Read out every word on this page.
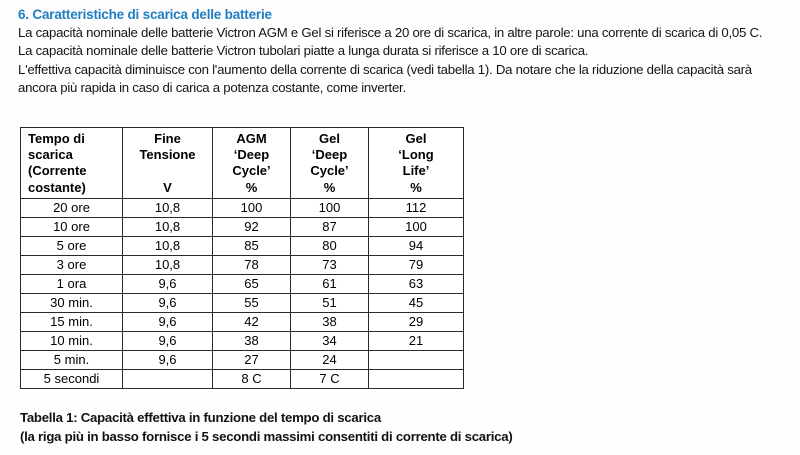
6. Caratteristiche di scarica delle batterie

La capacità nominale delle batterie Victron AGM e Gel si riferisce a 20 ore di scarica, in altre parole: una corrente di scarica di 0,05 C.

La capacità nominale delle batterie Victron tubolari piatte a lunga durata si riferisce a 10 ore di scarica.

L'effettiva capacità diminuisce con l'aumento della corrente di scarica (vedi tabella 1). Da notare che la riduzione della capacità sarà ancora più rapida in caso di carica a potenza costante, come inverter.

Tempo di
scarica
(Corrente
costante)	Fine
Tensione
V	AGM
‘Deep
Cycle’
%	Gel
‘Deep
Cycle’
%	Gel
‘Long
Life’
%

20 ore	10,8	100	100	112
10 ore	10,8	92	87	100
5 ore	10,8	85	80	94
3 ore	10,8	78	73	79
1 ora	9,6	65	61	63
30 min.	9,6	55	51	45
15 min.	9,6	42	38	29
10 min.	9,6	38	34	21
5 min.	9,6	27	24	
5 secondi		8 C	7 C	
Tabella 1: Capacità effettiva in funzione del tempo di scarica
(la riga più in basso fornisce i 5 secondi massimi consentiti di corrente di scarica)
